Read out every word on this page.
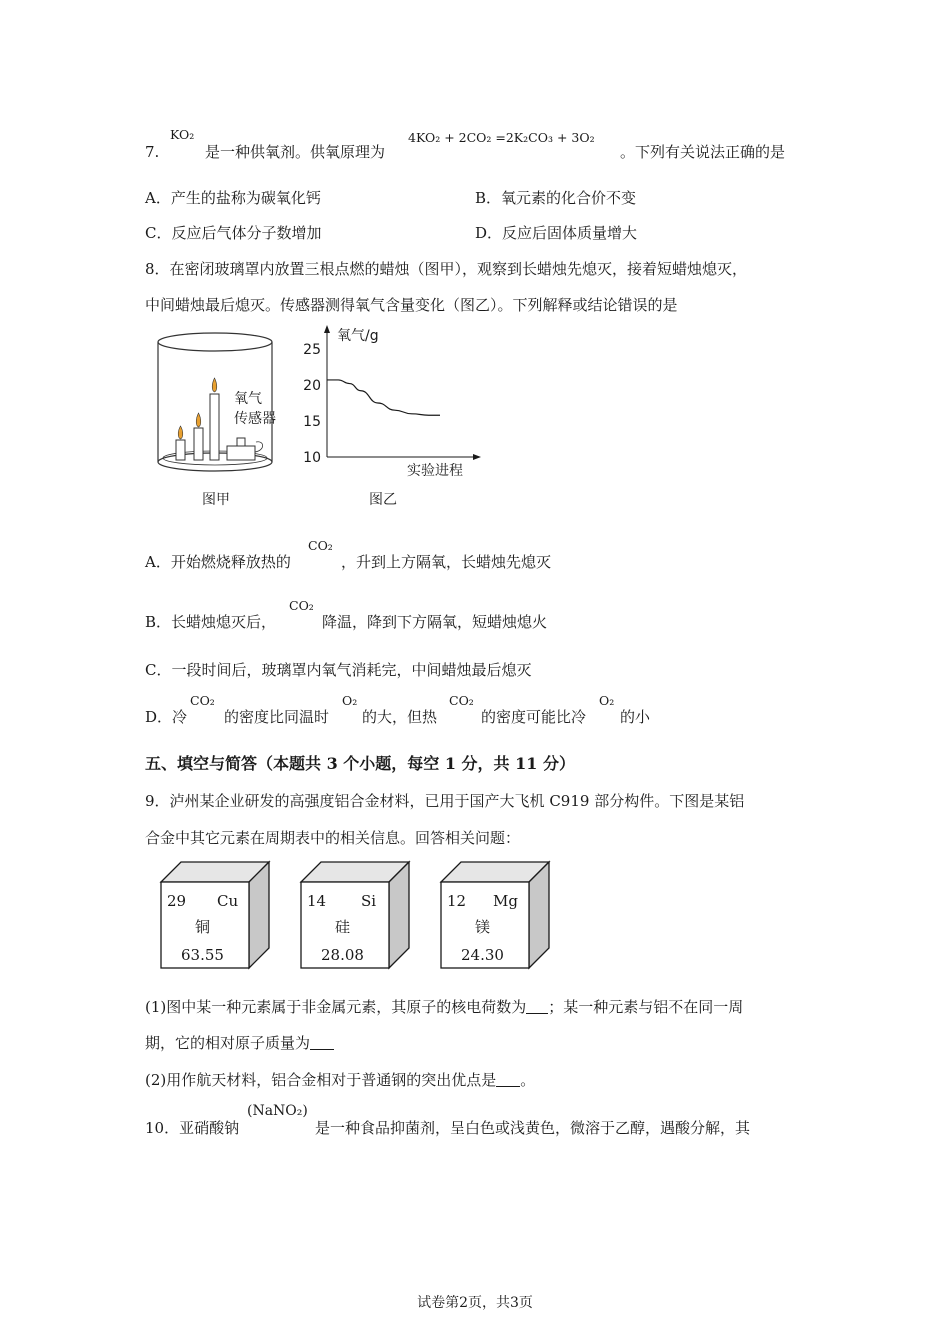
7.
KO₂
是一种供氧剂。供氧原理为
4KO₂ + 2CO₂ =2K₂CO₃ + 3O₂
。下列有关说法正确的是
A．产生的盐称为碳氧化钙	B．氧元素的化合价不变
C．反应后气体分子数增加	D．反应后固体质量增大
8．在密闭玻璃罩内放置三根点燃的蜡烛（图甲），观察到长蜡烛先熄灭，接着短蜡烛熄灭，
中间蜡烛最后熄灭。传感器测得氧气含量变化（图乙）。下列解释或结论错误的是
氧气
传感器
图甲
氧气/g
实验进程
10
15
20
25
图乙
A．开始燃烧释放热的
CO₂
，升到上方隔氧，长蜡烛先熄灭
B．长蜡烛熄灭后，
CO₂
降温，降到下方隔氧，短蜡烛熄火
C．一段时间后，玻璃罩内氧气消耗完，中间蜡烛最后熄灭
D．冷
CO₂
的密度比同温时
O₂
的大，但热
CO₂
的密度可能比冷
O₂
的小
五、填空与简答（本题共 3 个小题，每空 1 分，共 11 分）
9．泸州某企业研发的高强度铝合金材料，已用于国产大飞机 C919 部分构件。下图是某铝
合金中其它元素在周期表中的相关信息。回答相关问题：
29 Cu
铜
63.55
14 Si
硅
28.08
12 Mg
镁
24.30
(1)图中某一种元素属于非金属元素，其原子的核电荷数为 ；某一种元素与铝不在同一周
期，它的相对原子质量为
(2)用作航天材料，铝合金相对于普通钢的突出优点是 。
10．亚硝酸钠
(NaNO₂)
是一种食品抑菌剂，呈白色或浅黄色，微溶于乙醇，遇酸分解，其
试卷第2页，共3页
